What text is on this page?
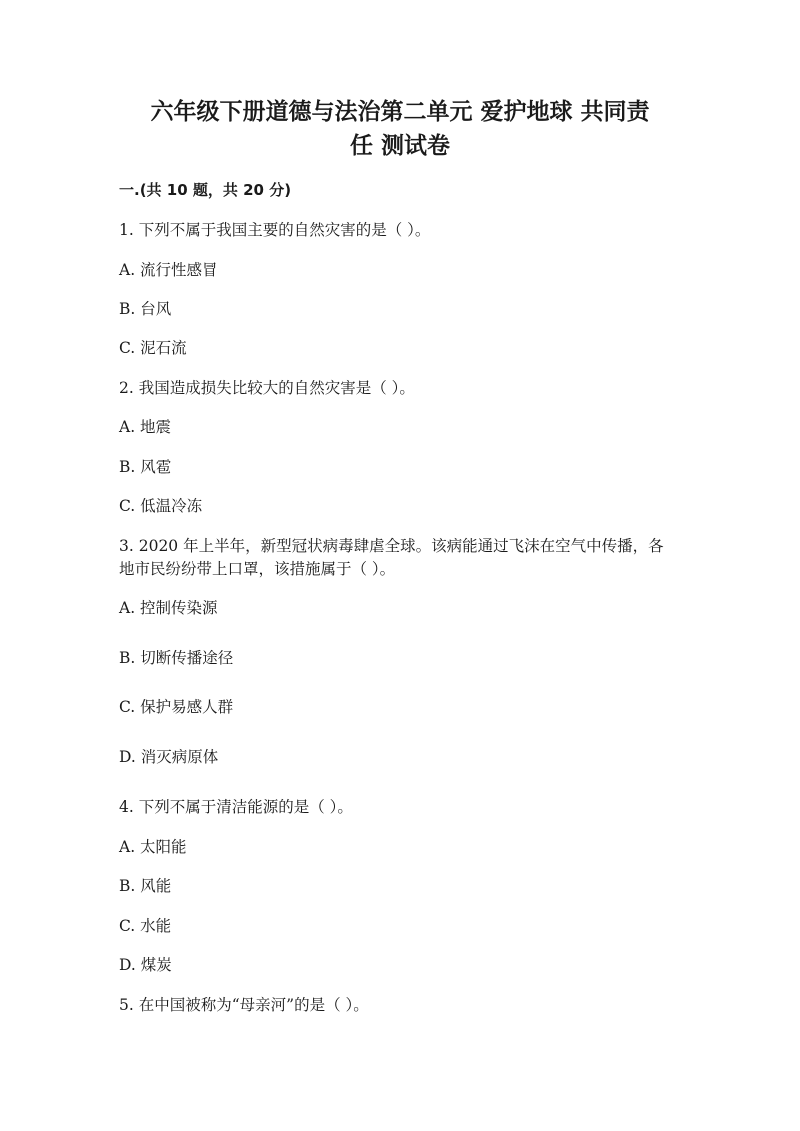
六年级下册道德与法治第二单元 爱护地球 共同责
任 测试卷
一.(共 10 题，共 20 分)
1. 下列不属于我国主要的自然灾害的是（ ）。
A. 流行性感冒
B. 台风
C. 泥石流
2. 我国造成损失比较大的自然灾害是（ ）。
A. 地震
B. 风雹
C. 低温冷冻
3. 2020 年上半年，新型冠状病毒肆虐全球。该病能通过飞沫在空气中传播，各
地市民纷纷带上口罩，该措施属于（ ）。
A. 控制传染源
B. 切断传播途径
C. 保护易感人群
D. 消灭病原体
4. 下列不属于清洁能源的是（ ）。
A. 太阳能
B. 风能
C. 水能
D. 煤炭
5. 在中国被称为“母亲河”的是（ ）。
